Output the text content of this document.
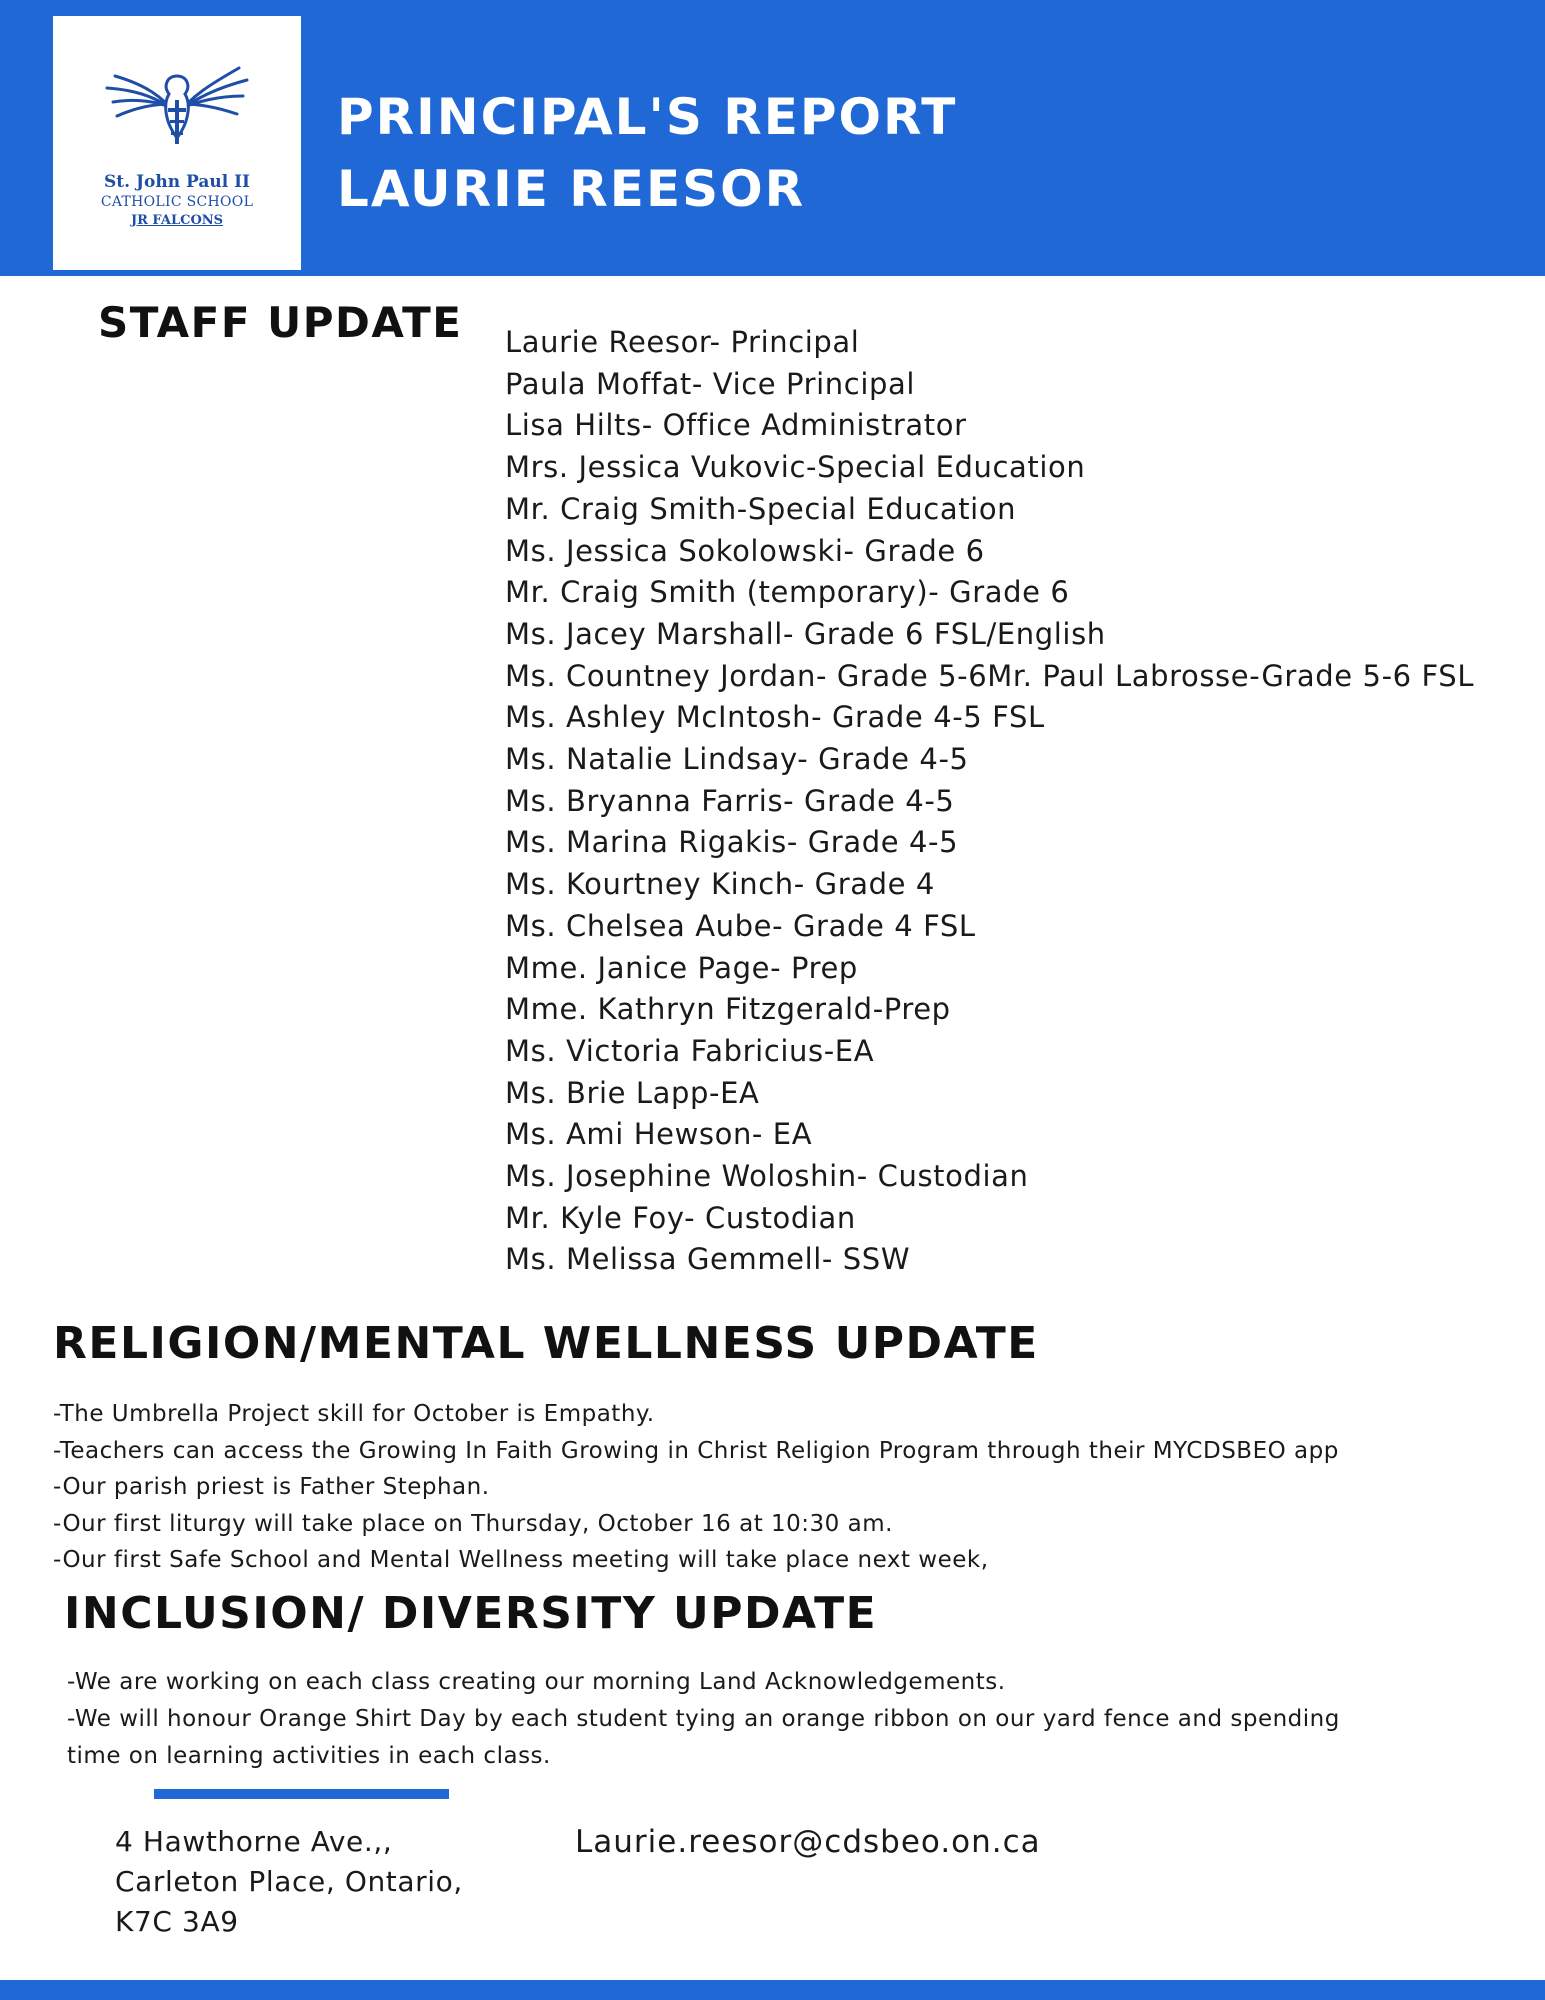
St. John Paul II
CATHOLIC SCHOOL
JR FALCONS
PRINCIPAL'S REPORT
LAURIE REESOR
STAFF UPDATE Laurie Reesor- Principal
Paula Moffat- Vice Principal
Lisa Hilts- Office Administrator
Mrs. Jessica Vukovic-Special Education
Mr. Craig Smith-Special Education
Ms. Jessica Sokolowski- Grade 6
Mr. Craig Smith (temporary)- Grade 6
Ms. Jacey Marshall- Grade 6 FSL/English
Ms. Countney Jordan- Grade 5-6Mr. Paul Labrosse-Grade 5-6 FSL
Ms. Ashley McIntosh- Grade 4-5 FSL
Ms. Natalie Lindsay- Grade 4-5
Ms. Bryanna Farris- Grade 4-5
Ms. Marina Rigakis- Grade 4-5
Ms. Kourtney Kinch- Grade 4
Ms. Chelsea Aube- Grade 4 FSL
Mme. Janice Page- Prep
Mme. Kathryn Fitzgerald-Prep
Ms. Victoria Fabricius-EA
Ms. Brie Lapp-EA
Ms. Ami Hewson- EA
Ms. Josephine Woloshin- Custodian
Mr. Kyle Foy- Custodian
Ms. Melissa Gemmell- SSW
RELIGION/MENTAL WELLNESS UPDATE
-The Umbrella Project skill for October is Empathy.
-Teachers can access the Growing In Faith Growing in Christ Religion Program through their MYCDSBEO app
-Our parish priest is Father Stephan.
-Our first liturgy will take place on Thursday, October 16 at 10:30 am.
-Our first Safe School and Mental Wellness meeting will take place next week,
INCLUSION/ DIVERSITY UPDATE
-We are working on each class creating our morning Land Acknowledgements.
-We will honour Orange Shirt Day by each student tying an orange ribbon on our yard fence and spending
time on learning activities in each class.
4 Hawthorne Ave.,,
Carleton Place, Ontario,
K7C 3A9
Laurie.reesor@cdsbeo.on.ca
